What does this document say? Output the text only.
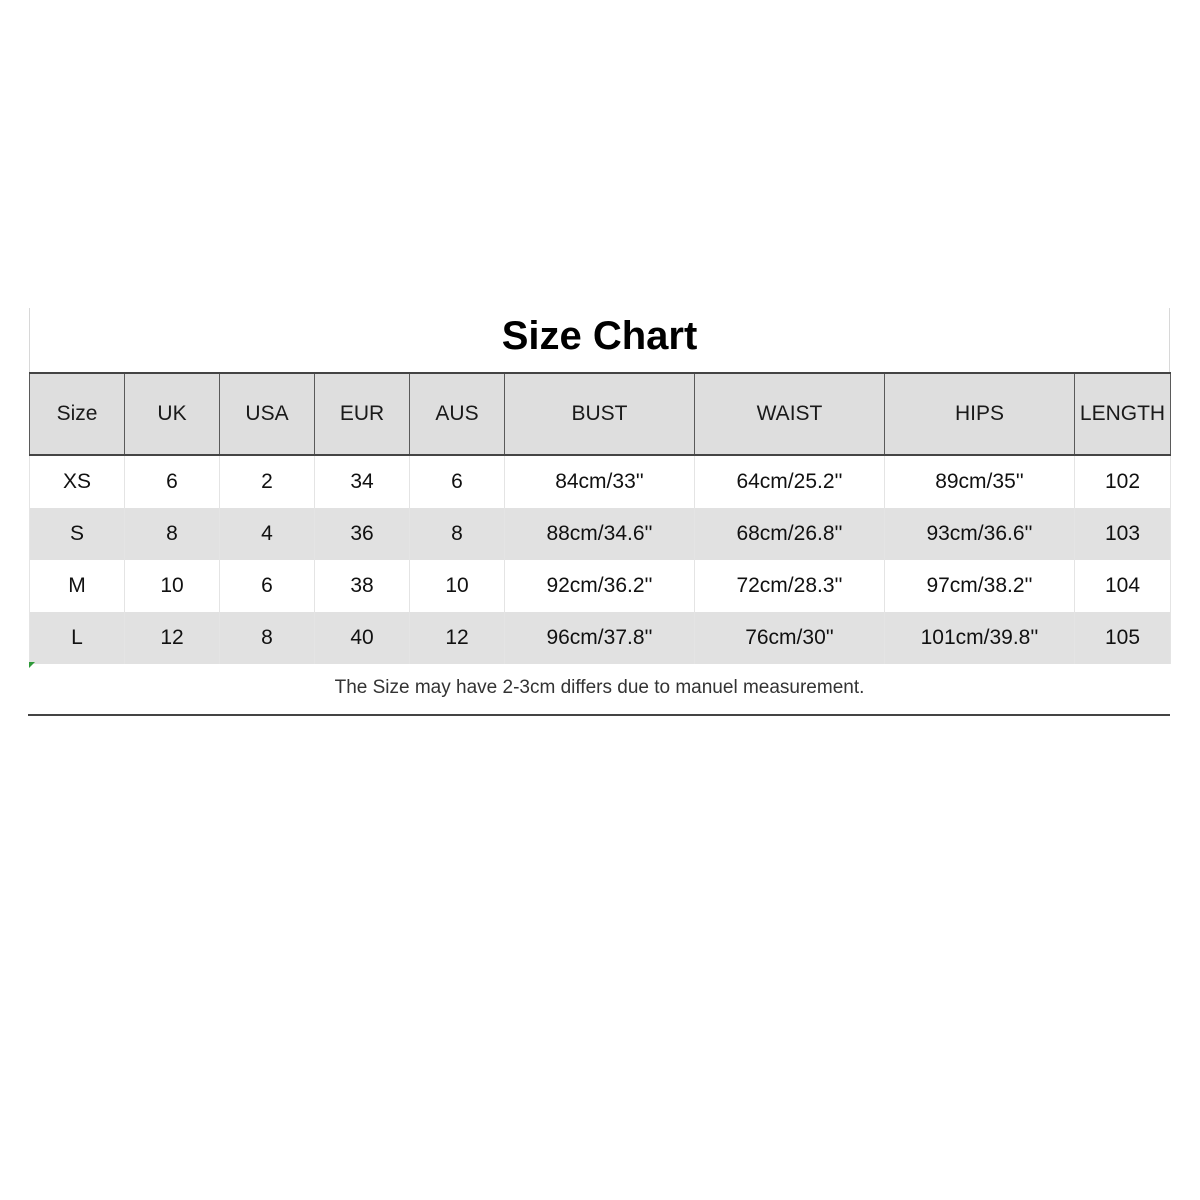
Size Chart
Size	UK	USA	EUR	AUS	BUST	WAIST	HIPS	LENGTH
XS	6	2	34	6	84cm/33''	64cm/25.2''	89cm/35''	102
S	8	4	36	8	88cm/34.6''	68cm/26.8''	93cm/36.6''	103
M	10	6	38	10	92cm/36.2''	72cm/28.3''	97cm/38.2''	104
L	12	8	40	12	96cm/37.8''	76cm/30''	101cm/39.8''	105

The Size may have 2-3cm differs due to manuel measurement.
